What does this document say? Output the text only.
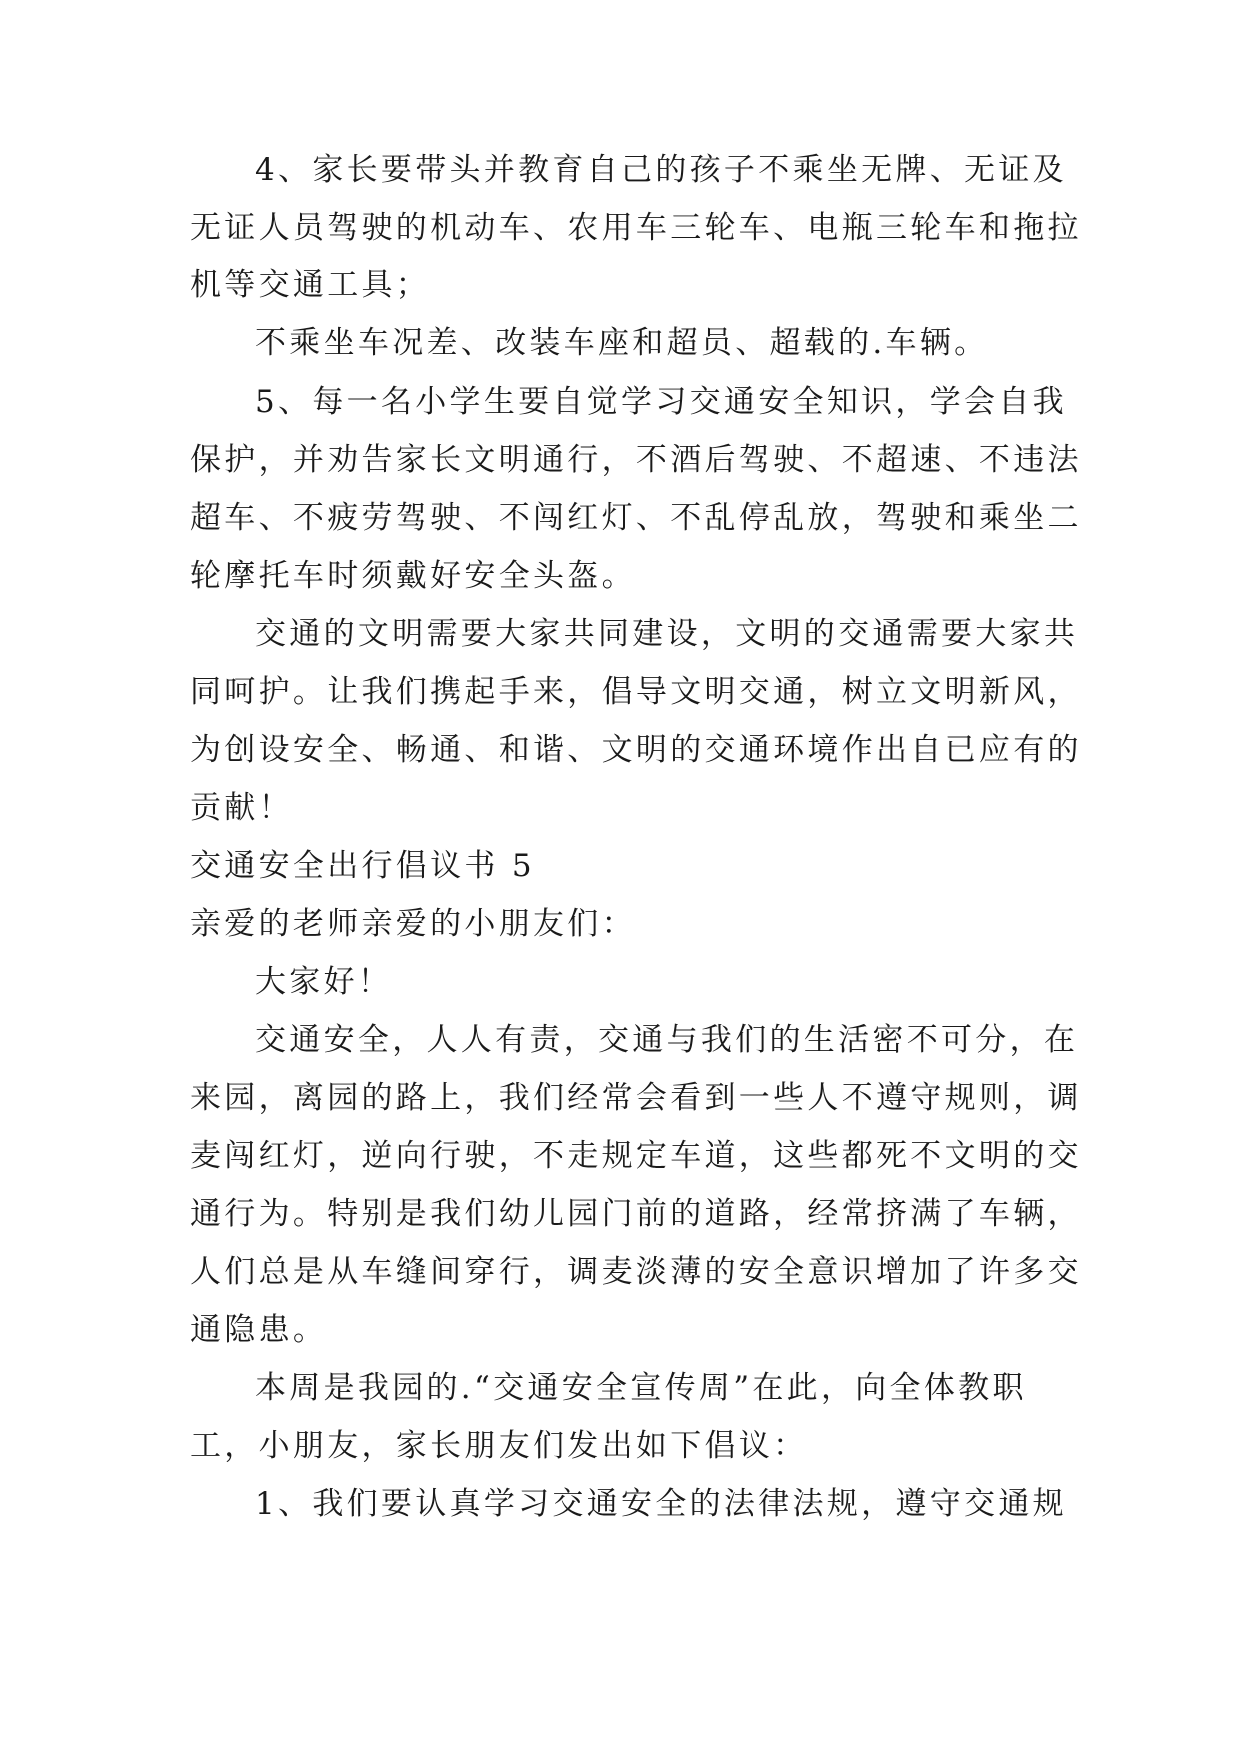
4、家长要带头并教育自己的孩子不乘坐无牌、无证及
无证人员驾驶的机动车、农用车三轮车、电瓶三轮车和拖拉
机等交通工具；
不乘坐车况差、改装车座和超员、超载的.车辆。
5、每一名小学生要自觉学习交通安全知识，学会自我
保护，并劝告家长文明通行，不酒后驾驶、不超速、不违法
超车、不疲劳驾驶、不闯红灯、不乱停乱放，驾驶和乘坐二
轮摩托车时须戴好安全头盔。
交通的文明需要大家共同建设，文明的交通需要大家共
同呵护。让我们携起手来，倡导文明交通，树立文明新风，
为创设安全、畅通、和谐、文明的交通环境作出自已应有的
贡献！
交通安全出行倡议书 5
亲爱的老师亲爱的小朋友们：
大家好！
交通安全，人人有责，交通与我们的生活密不可分，在
来园，离园的路上，我们经常会看到一些人不遵守规则，调
麦闯红灯，逆向行驶，不走规定车道，这些都死不文明的交
通行为。特别是我们幼儿园门前的道路，经常挤满了车辆，
人们总是从车缝间穿行，调麦淡薄的安全意识增加了许多交
通隐患。
本周是我园的.“交通安全宣传周”在此，向全体教职
工，小朋友，家长朋友们发出如下倡议：
1、我们要认真学习交通安全的法律法规，遵守交通规
